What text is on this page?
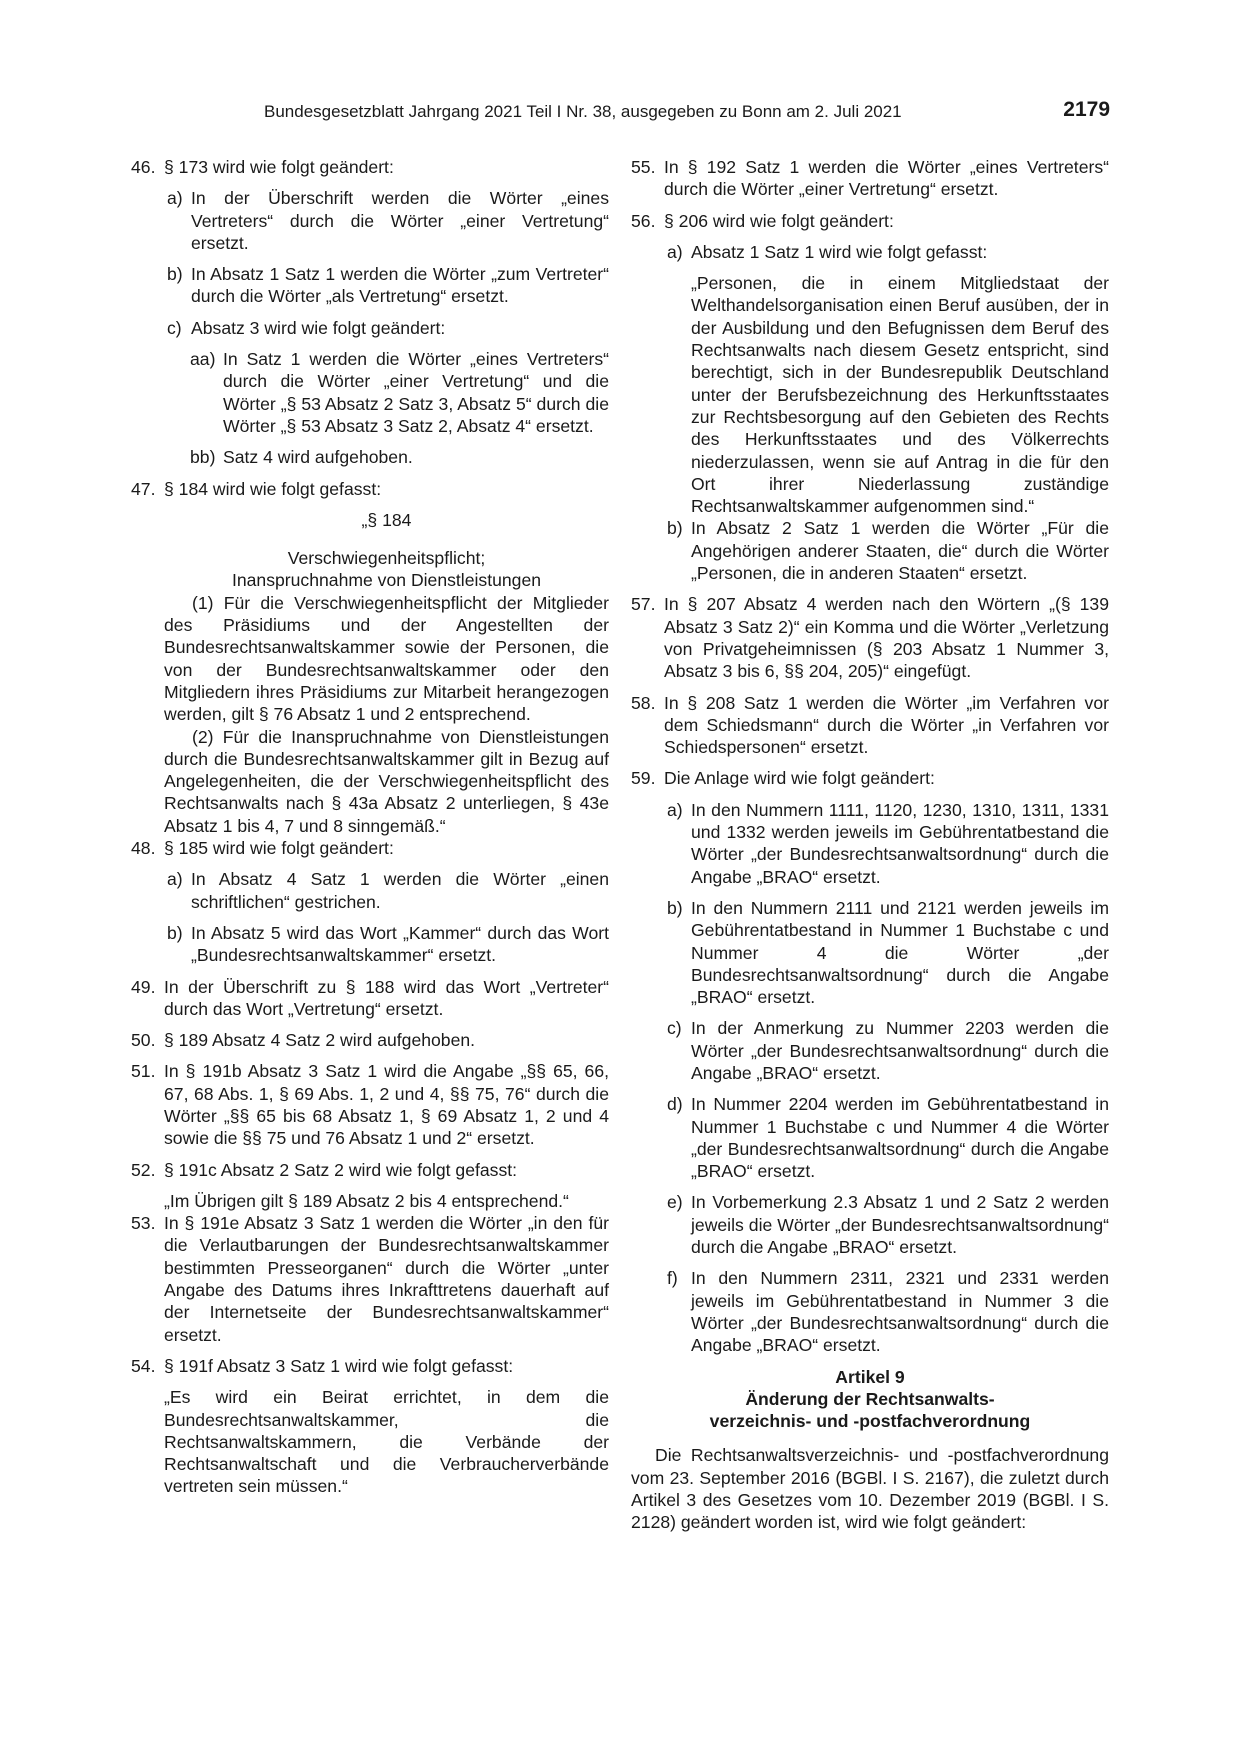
Bundesgesetzblatt Jahrgang 2021 Teil I Nr. 38, ausgegeben zu Bonn am 2. Juli 2021	2179
46. § 173 wird wie folgt geändert:

a) In der Überschrift werden die Wörter „eines Vertreters“ durch die Wörter „einer Vertretung“ ersetzt.

b) In Absatz 1 Satz 1 werden die Wörter „zum Vertreter“ durch die Wörter „als Vertretung“ ersetzt.

c) Absatz 3 wird wie folgt geändert:

aa) In Satz 1 werden die Wörter „eines Vertreters“ durch die Wörter „einer Vertretung“ und die Wörter „§ 53 Absatz 2 Satz 3, Absatz 5“ durch die Wörter „§ 53 Absatz 3 Satz 2, Absatz 4“ ersetzt.

bb) Satz 4 wird aufgehoben.

47. § 184 wird wie folgt gefasst:

„§ 184

Verschwiegenheitspflicht;

Inanspruchnahme von Dienstleistungen

(1) Für die Verschwiegenheitspflicht der Mitglieder des Präsidiums und der Angestellten der Bundesrechtsanwaltskammer sowie der Personen, die von der Bundesrechtsanwaltskammer oder den Mitgliedern ihres Präsidiums zur Mitarbeit herangezogen werden, gilt § 76 Absatz 1 und 2 entsprechend.

(2) Für die Inanspruchnahme von Dienstleistungen durch die Bundesrechtsanwaltskammer gilt in Bezug auf Angelegenheiten, die der Verschwiegenheitspflicht des Rechtsanwalts nach § 43a Absatz 2 unterliegen, § 43e Absatz 1 bis 4, 7 und 8 sinngemäß.“

48. § 185 wird wie folgt geändert:

a) In Absatz 4 Satz 1 werden die Wörter „einen schriftlichen“ gestrichen.

b) In Absatz 5 wird das Wort „Kammer“ durch das Wort „Bundesrechtsanwaltskammer“ ersetzt.

49. In der Überschrift zu § 188 wird das Wort „Vertreter“ durch das Wort „Vertretung“ ersetzt.

50. § 189 Absatz 4 Satz 2 wird aufgehoben.

51. In § 191b Absatz 3 Satz 1 wird die Angabe „§§ 65, 66, 67, 68 Abs. 1, § 69 Abs. 1, 2 und 4, §§ 75, 76“ durch die Wörter „§§ 65 bis 68 Absatz 1, § 69 Absatz 1, 2 und 4 sowie die §§ 75 und 76 Absatz 1 und 2“ ersetzt.

52. § 191c Absatz 2 Satz 2 wird wie folgt gefasst:

„Im Übrigen gilt § 189 Absatz 2 bis 4 entsprechend.“

53. In § 191e Absatz 3 Satz 1 werden die Wörter „in den für die Verlautbarungen der Bundesrechtsanwaltskammer bestimmten Presseorganen“ durch die Wörter „unter Angabe des Datums ihres Inkrafttretens dauerhaft auf der Internetseite der Bundesrechtsanwaltskammer“ ersetzt.

54. § 191f Absatz 3 Satz 1 wird wie folgt gefasst:

„Es wird ein Beirat errichtet, in dem die Bundesrechtsanwaltskammer, die Rechtsanwaltskammern, die Verbände der Rechtsanwaltschaft und die Verbraucherverbände vertreten sein müssen.“

55. In § 192 Satz 1 werden die Wörter „eines Vertreters“ durch die Wörter „einer Vertretung“ ersetzt.

56. § 206 wird wie folgt geändert:

a) Absatz 1 Satz 1 wird wie folgt gefasst:

„Personen, die in einem Mitgliedstaat der Welthandelsorganisation einen Beruf ausüben, der in der Ausbildung und den Befugnissen dem Beruf des Rechtsanwalts nach diesem Gesetz entspricht, sind berechtigt, sich in der Bundesrepublik Deutschland unter der Berufsbezeichnung des Herkunftsstaates zur Rechtsbesorgung auf den Gebieten des Rechts des Herkunftsstaates und des Völkerrechts niederzulassen, wenn sie auf Antrag in die für den Ort ihrer Niederlassung zuständige Rechtsanwaltskammer aufgenommen sind.“

b) In Absatz 2 Satz 1 werden die Wörter „Für die Angehörigen anderer Staaten, die“ durch die Wörter „Personen, die in anderen Staaten“ ersetzt.

57. In § 207 Absatz 4 werden nach den Wörtern „(§ 139 Absatz 3 Satz 2)“ ein Komma und die Wörter „Verletzung von Privatgeheimnissen (§ 203 Absatz 1 Nummer 3, Absatz 3 bis 6, §§ 204, 205)“ eingefügt.

58. In § 208 Satz 1 werden die Wörter „im Verfahren vor dem Schiedsmann“ durch die Wörter „in Verfahren vor Schiedspersonen“ ersetzt.

59. Die Anlage wird wie folgt geändert:

a) In den Nummern 1111, 1120, 1230, 1310, 1311, 1331 und 1332 werden jeweils im Gebührentatbestand die Wörter „der Bundesrechtsanwaltsordnung“ durch die Angabe „BRAO“ ersetzt.

b) In den Nummern 2111 und 2121 werden jeweils im Gebührentatbestand in Nummer 1 Buchstabe c und Nummer 4 die Wörter „der Bundesrechtsanwaltsordnung“ durch die Angabe „BRAO“ ersetzt.

c) In der Anmerkung zu Nummer 2203 werden die Wörter „der Bundesrechtsanwaltsordnung“ durch die Angabe „BRAO“ ersetzt.

d) In Nummer 2204 werden im Gebührentatbestand in Nummer 1 Buchstabe c und Nummer 4 die Wörter „der Bundesrechtsanwaltsordnung“ durch die Angabe „BRAO“ ersetzt.

e) In Vorbemerkung 2.3 Absatz 1 und 2 Satz 2 werden jeweils die Wörter „der Bundesrechtsanwaltsordnung“ durch die Angabe „BRAO“ ersetzt.

f) In den Nummern 2311, 2321 und 2331 werden jeweils im Gebührentatbestand in Nummer 3 die Wörter „der Bundesrechtsanwaltsordnung“ durch die Angabe „BRAO“ ersetzt.

Artikel 9

Änderung der Rechtsanwalts-

verzeichnis- und -postfachverordnung

Die Rechtsanwaltsverzeichnis- und -postfachverordnung vom 23. September 2016 (BGBl. I S. 2167), die zuletzt durch Artikel 3 des Gesetzes vom 10. Dezember 2019 (BGBl. I S. 2128) geändert worden ist, wird wie folgt geändert:
